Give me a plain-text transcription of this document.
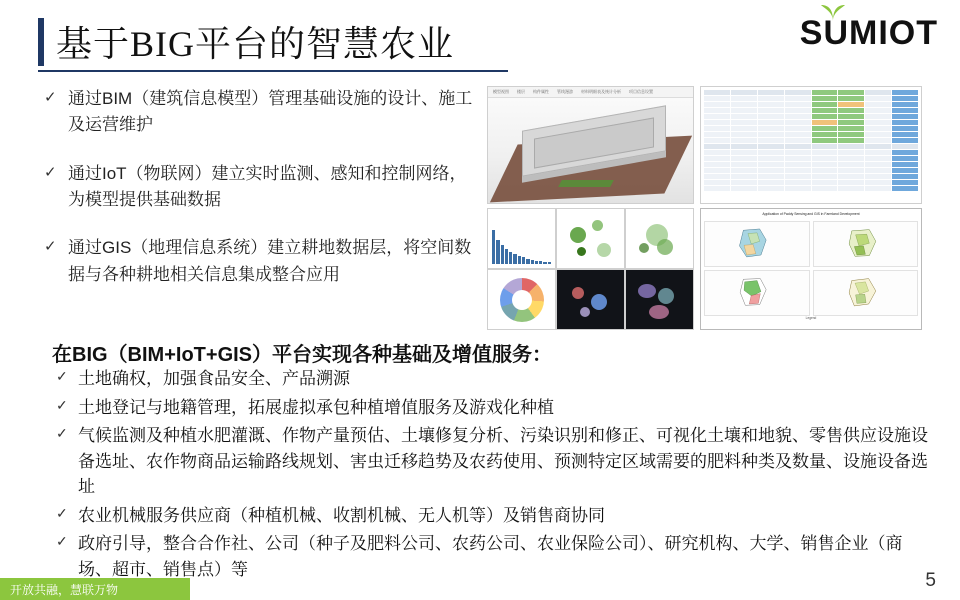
基于BIG平台的智慧农业	SUMIOT
✓ 通过BIM（建筑信息模型）管理基础设施的设计、施工及运营维护
✓ 通过IoT（物联网）建立实时监测、感知和控制网络，为模型提供基础数据
✓ 通过GIS（地理信息系统）建立耕地数据层，将空间数据与各种耕地相关信息集成整合应用
模型视图 楼层 构件属性 管线漫游 材料明细表及统计分析 项目信息设置
Application of Paddy Sensing and GIS in Farmland Development
Legend
在BIG（BIM+IoT+GIS）平台实现各种基础及增值服务：
✓ 土地确权，加强食品安全、产品溯源
✓ 土地登记与地籍管理，拓展虚拟承包种植增值服务及游戏化种植
✓ 气候监测及种植水肥灌溉、作物产量预估、土壤修复分析、污染识别和修正、可视化土壤和地貌、零售供应设施设备选址、农作物商品运输路线规划、害虫迁移趋势及农药使用、预测特定区域需要的肥料种类及数量、设施设备选址
✓ 农业机械服务供应商（种植机械、收割机械、无人机等）及销售商协同
✓ 政府引导，整合合作社、公司（种子及肥料公司、农药公司、农业保险公司）、研究机构、大学、销售企业（商场、超市、销售点）等
开放共融，慧联万物	5
